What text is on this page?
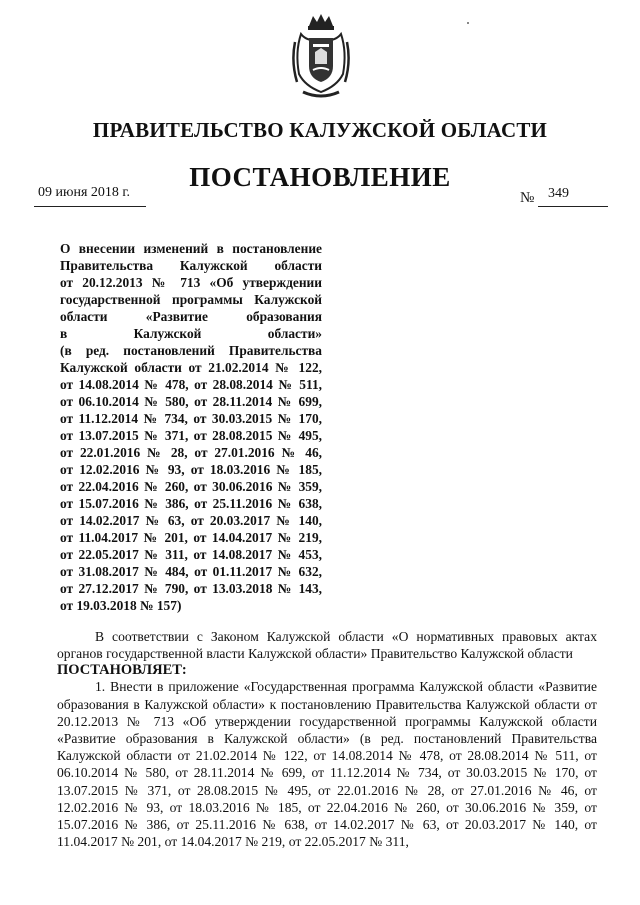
ПРАВИТЕЛЬСТВО КАЛУЖСКОЙ ОБЛАСТИ
ПОСТАНОВЛЕНИЕ
09 июня 2018 г.	№ 349
О внесении изменений в постановление
Правительства Калужской области
от 20.12.2013 № 713 «Об утверждении
государственной программы Калужской
области «Развитие образования
в Калужской области»
(в ред. постановлений Правительства
Калужской области от 21.02.2014 № 122,
от 14.08.2014 № 478, от 28.08.2014 № 511,
от 06.10.2014 № 580, от 28.11.2014 № 699,
от 11.12.2014 № 734, от 30.03.2015 № 170,
от 13.07.2015 № 371, от 28.08.2015 № 495,
от 22.01.2016 № 28, от 27.01.2016 № 46,
от 12.02.2016 № 93, от 18.03.2016 № 185,
от 22.04.2016 № 260, от 30.06.2016 № 359,
от 15.07.2016 № 386, от 25.11.2016 № 638,
от 14.02.2017 № 63, от 20.03.2017 № 140,
от 11.04.2017 № 201, от 14.04.2017 № 219,
от 22.05.2017 № 311, от 14.08.2017 № 453,
от 31.08.2017 № 484, от 01.11.2017 № 632,
от 27.12.2017 № 790, от 13.03.2018 № 143,
от 19.03.2018 № 157)

В соответствии с Законом Калужской области «О нормативных правовых актах органов государственной власти Калужской области» Правительство Калужской области

ПОСТАНОВЛЯЕТ:

1. Внести в приложение «Государственная программа Калужской области «Развитие образования в Калужской области» к постановлению Правительства Калужской области от 20.12.2013 № 713 «Об утверждении государственной программы Калужской области «Развитие образования в Калужской области» (в ред. постановлений Правительства Калужской области от 21.02.2014 № 122, от 14.08.2014 № 478, от 28.08.2014 № 511, от 06.10.2014 № 580, от 28.11.2014 № 699, от 11.12.2014 № 734, от 30.03.2015 № 170, от 13.07.2015 № 371, от 28.08.2015 № 495, от 22.01.2016 № 28, от 27.01.2016 № 46, от 12.02.2016 № 93, от 18.03.2016 № 185, от 22.04.2016 № 260, от 30.06.2016 № 359, от 15.07.2016 № 386, от 25.11.2016 № 638, от 14.02.2017 № 63, от 20.03.2017 № 140, от 11.04.2017 № 201, от 14.04.2017 № 219, от 22.05.2017 № 311,
